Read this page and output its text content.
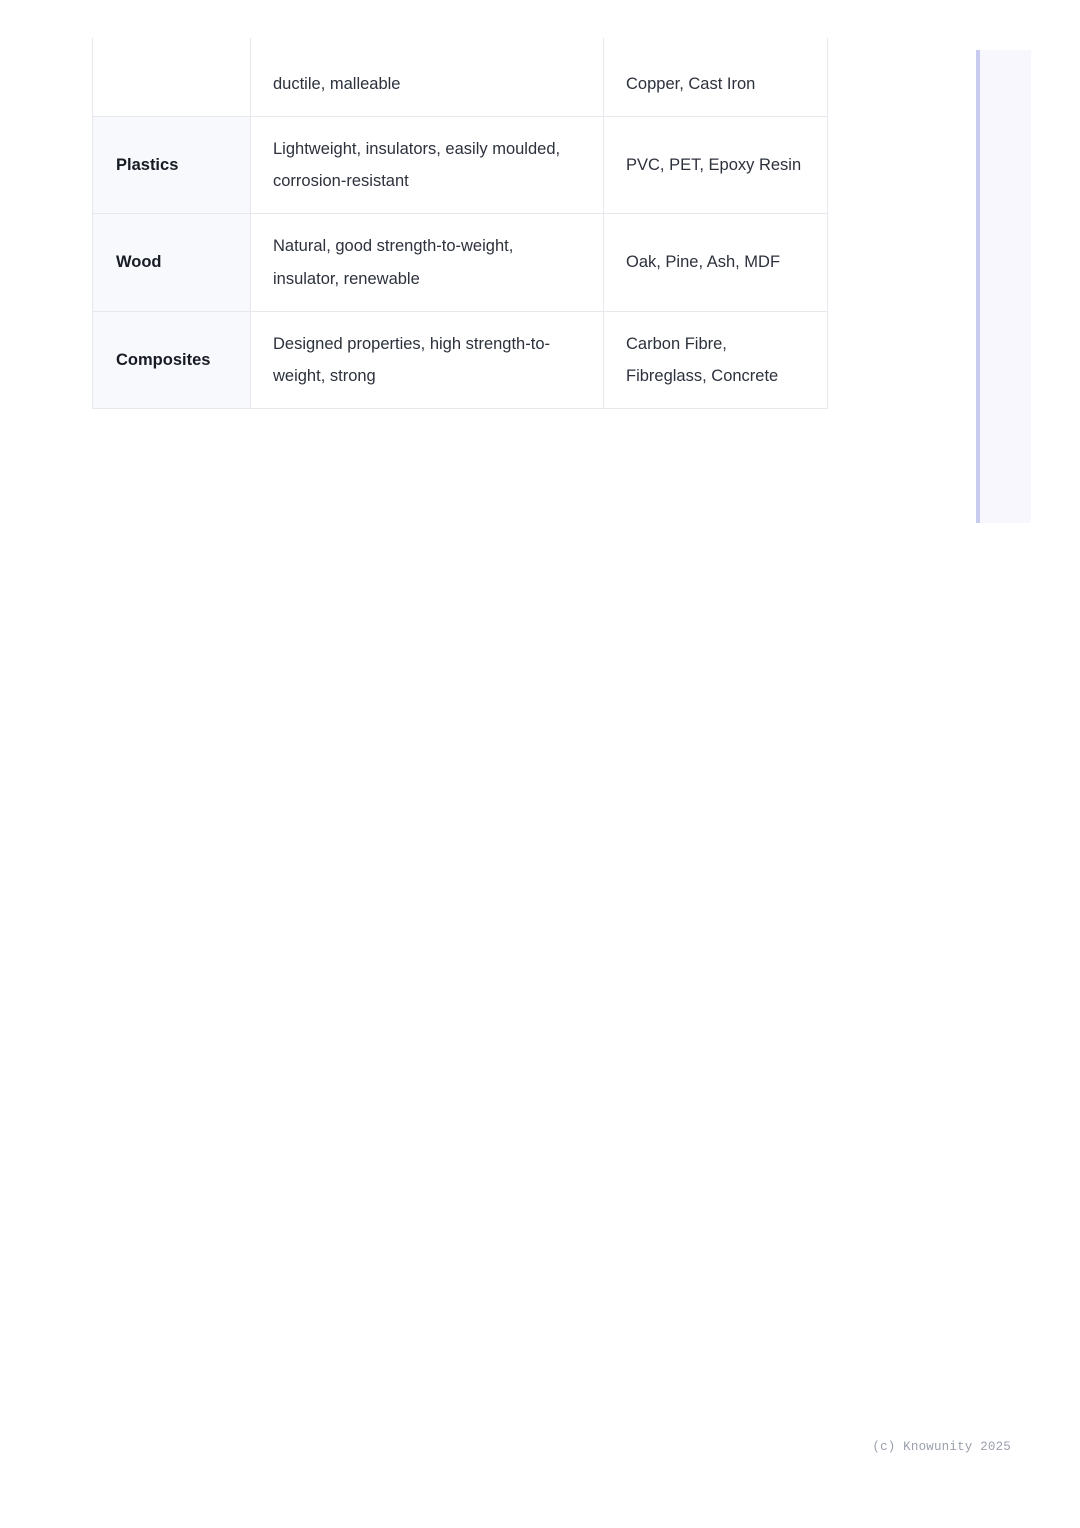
	ductile, malleable	Copper, Cast Iron
Plastics	Lightweight, insulators, easily moulded, corrosion-resistant	PVC, PET, Epoxy Resin
Wood	Natural, good strength-to-weight, insulator, renewable	Oak, Pine, Ash, MDF
Composites	Designed properties, high strength-to-weight, strong	Carbon Fibre, Fibreglass, Concrete
(c) Knowunity 2025
